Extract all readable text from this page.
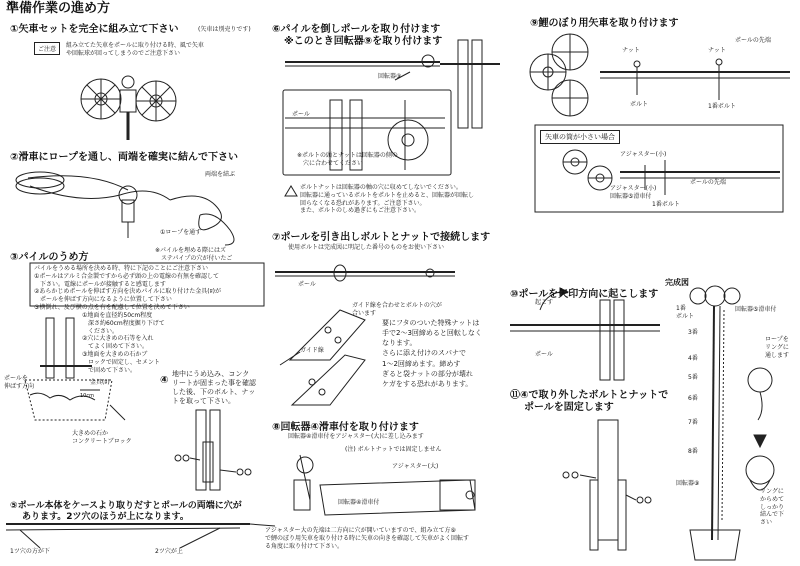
準備作業の進め方
①矢車セットを完全に組み立て下さい	(矢車は別売りです)
ご注意
組み立てた矢車をポールに取り付ける時、風で矢車
や回転球が回ってしまうのでご注意下さい
②滑車にロープを通し、両端を確実に結んで下さい
両端を結ぶ
①ロープを通す
③パイルのうめ方
※パイルを埋める際にはズ
　ステパイプの穴が付いたご
パイルをうめる場所を決める時、特に下記のことにご注意下さい
①ポールはアルミ合金製ですから必ず頭の上の電線の有無を確認して
　下さい。電線にポールが接触すると感電します
②あらかじめポールを伸ばす方向を決めパイルに取り付けた金具(ﾛ)が
　ポールを伸ばす方向になるように位置して下さい
③横倒れ、及び横の点を有を配慮して位置を決めて下さい
①地面を直径約50cm程度
　深さ約60cm程度掘り下げて
　ください。
②穴に大きめの石等を入れ
　てよく固めて下さい。
③地面を大きめの石かブ
　ロックで固定し、セメント
　で固めて下さい。
ポールを
伸ばす方向
金具(ﾛ)
10cm
大きめの石か
コンクリートブロック
④
地中にうめ込み、コンク
リートが固まった事を確認
した後、下のボルト、ナッ
トを取って下さい。
⑤ポール本体をケースより取りだすとポールの両端に穴が
あります。2ツ穴のほうが上になります。
1ツ穴の方が下	2ツ穴が上
⑥パイルを倒しポールを取り付けます
※このとき回転器⑨を取り付けます
回転器⑨
ポール
※ポルトの頭とナットは回転器の側の
　穴に合わせてください
ボルトナットは回転器の軸の穴に収めてしないでください。
回転器に通っているボルトをポルトを止めると、回転器が回転し
回らなくなる恐れがあります。ご注意下さい。
また、ボルトのしめ過ぎにもご注意下さい。
⑦ポールを引き出しボルトとナットで接続します
使用ボルトは完成図に明記した番号のものをお使い下さい
ポール
ガイド線を合わせとボルトの穴が
合います
ガイド線
要にフタのついた特殊ナットは
手で2～3回締めると回転しなく
なります。
さらに添え付けのスパナで
1～2回締めます。締めす
ぎると袋ナットの部分が壊れ
ケガをする恐れがあります。
⑧回転器④滑車付を取り付けます
回転器④滑車付をアジャスター(大)に差し込みます
(注) ボルトナットでは固定しません
アジャスター(大)
回転器④滑車付
アジャスター大の先端は二方向に穴が開いていますので、組み立て方⑨
で鯉のぼり用矢車を取り付ける時に矢車の向きを確認して矢車がよく回転す
る角度に取り付けて下さい。
⑨鯉のぼり用矢車を取り付けます
ナット	ナット
ポールの先端
ボルト	1番ボルト
矢車の筒が小さい場合
アジャスター(小)
ポールの先端
アジャスター(小)
回転器⑤滑車付
1番ボルト
⑩ポールを矢印方向に起こします
起こす
ポール
⑪④で取り外したボルトとナットで
ポールを固定します
完成図
1番
ボルト
3番
4番
5番
6番
7番
8番
回転器⑨
回転器⑤滑車付
ロープを
リングに
通します
リングに
からめて
しっかり
結んで下
さい
